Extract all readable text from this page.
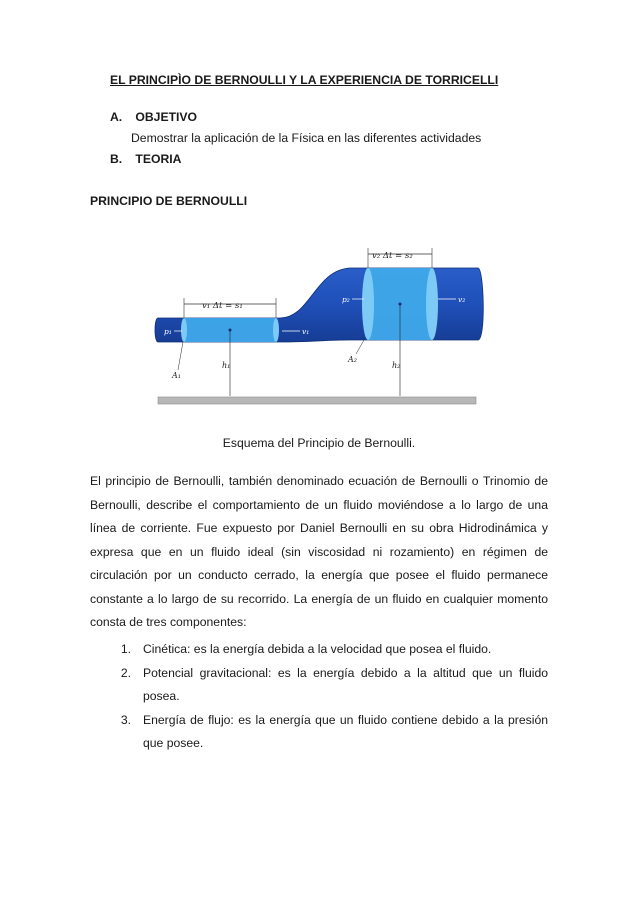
EL PRINCIPÌO DE BERNOULLI Y LA EXPERIENCIA DE TORRICELLI
A. OBJETIVO
Demostrar la aplicación de la Física en las diferentes actividades
B. TEORIA
PRINCIPIO DE BERNOULLI
v₁ Δt = s₁
v₂ Δt = s₂
p₁	v₁
p₂	v₂
h₁	h₂
A₁
A₂
Esquema del Principio de Bernoulli.
El principio de Bernoulli, también denominado ecuación de Bernoulli o Trinomio de Bernoulli, describe el comportamiento de un fluido moviéndose a lo largo de una línea de corriente. Fue expuesto por Daniel Bernoulli en su obra Hidrodinámica y expresa que en un fluido ideal (sin viscosidad ni rozamiento) en régimen de circulación por un conducto cerrado, la energía que posee el fluido permanece constante a lo largo de su recorrido. La energía de un fluido en cualquier momento consta de tres componentes:
1. Cinética: es la energía debida a la velocidad que posea el fluido.
2. Potencial gravitacional: es la energía debido a la altitud que un fluido posea.
3. Energía de flujo: es la energía que un fluido contiene debido a la presión que posee.
